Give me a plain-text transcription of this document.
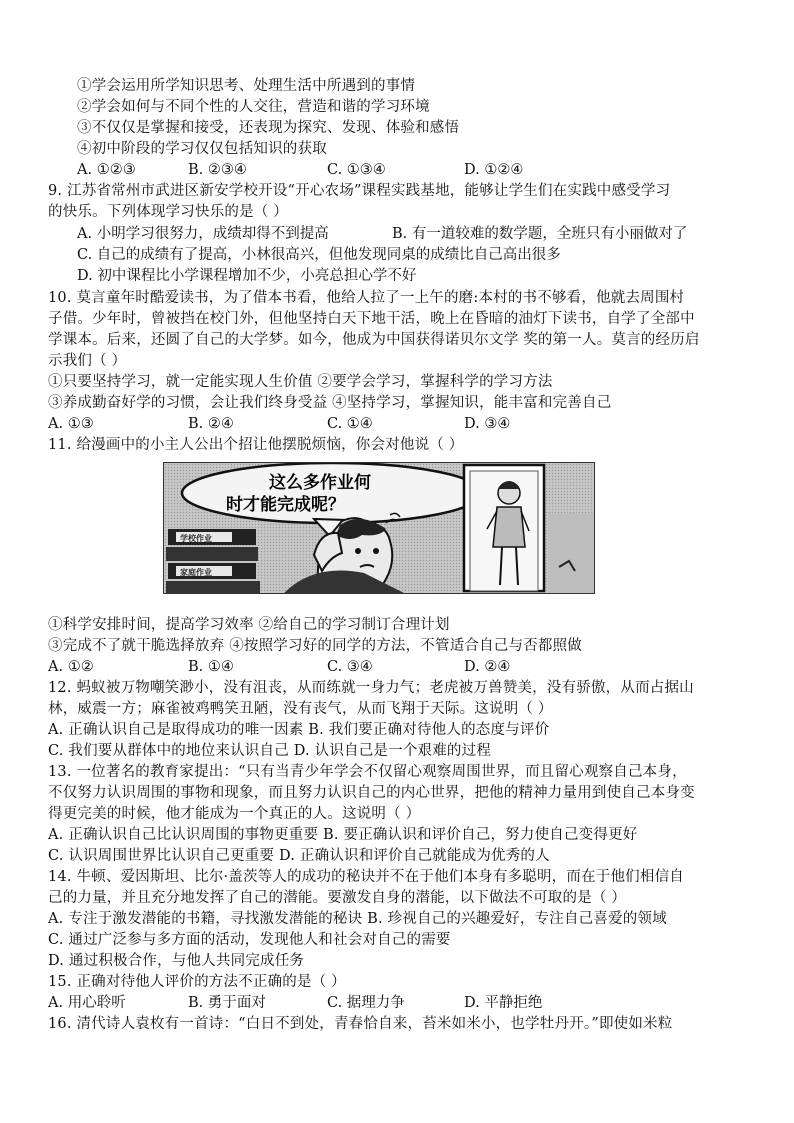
①学会运用所学知识思考、处理生活中所遇到的事情
②学会如何与不同个性的人交往，营造和谐的学习环境
③不仅仅是掌握和接受，还表现为探究、发现、体验和感悟
④初中阶段的学习仅仅包括知识的获取
A. ①②③	B. ②③④	C. ①③④	D. ①②④
9. 江苏省常州市武进区新安学校开设“开心农场”课程实践基地，能够让学生们在实践中感受学习
的快乐。下列体现学习快乐的是（ ）
A. 小明学习很努力，成绩却得不到提高	B. 有一道较难的数学题，全班只有小丽做对了
C. 自己的成绩有了提高，小林很高兴，但他发现同桌的成绩比自己高出很多
D. 初中课程比小学课程增加不少，小亮总担心学不好
10. 莫言童年时酷爱读书，为了借本书看，他给人拉了一上午的磨:本村的书不够看，他就去周围村
子借。少年时，曾被挡在校门外，但他坚持白天下地干活，晚上在昏暗的油灯下读书，自学了全部中
学课本。后来，还圆了自己的大学梦。如今，他成为中国获得诺贝尔文学 奖的第一人。莫言的经历启
示我们（ ）
①只要坚持学习，就一定能实现人生价值 ②要学会学习，掌握科学的学习方法
③养成勤奋好学的习惯，会让我们终身受益 ④坚持学习，掌握知识，能丰富和完善自己
A. ①③	B. ②④	C. ①④	D. ③④
11. 给漫画中的小主人公出个招让他摆脱烦恼，你会对他说（ ）
这么多作业何
时才能完成呢？
学校作业
家庭作业
①科学安排时间，提高学习效率 ②给自己的学习制订合理计划
③完成不了就干脆选择放弃 ④按照学习好的同学的方法，不管适合自己与否都照做
A. ①②	B. ①④	C. ③④	D. ②④
12. 蚂蚁被万物嘲笑渺小，没有沮丧，从而练就一身力气；老虎被万兽赞美，没有骄傲，从而占据山
林，威震一方；麻雀被鸡鸭笑丑陋，没有丧气，从而飞翔于天际。这说明（ ）
A. 正确认识自己是取得成功的唯一因素 B. 我们要正确对待他人的态度与评价
C. 我们要从群体中的地位来认识自己 D. 认识自己是一个艰难的过程
13. 一位著名的教育家提出：“只有当青少年学会不仅留心观察周围世界，而且留心观察自己本身，
不仅努力认识周围的事物和现象，而且努力认识自己的内心世界，把他的精神力量用到使自己本身变
得更完美的时候，他才能成为一个真正的人。这说明（ ）
A. 正确认识自己比认识周围的事物更重要 B. 要正确认识和评价自己，努力使自己变得更好
C. 认识周围世界比认识自己更重要 D. 正确认识和评价自己就能成为优秀的人
14. 牛顿、爱因斯坦、比尔·盖茨等人的成功的秘诀并不在于他们本身有多聪明，而在于他们相信自
己的力量，并且充分地发挥了自己的潜能。要激发自身的潜能，以下做法不可取的是（ ）
A. 专注于激发潜能的书籍，寻找激发潜能的秘诀 B. 珍视自己的兴趣爱好，专注自己喜爱的领域
C. 通过广泛参与多方面的活动，发现他人和社会对自己的需要
D. 通过积极合作，与他人共同完成任务
15. 正确对待他人评价的方法不正确的是（ ）
A. 用心聆听	B. 勇于面对	C. 据理力争	D. 平静拒绝
16. 清代诗人袁枚有一首诗：“白日不到处，青春恰自来，苔米如米小，也学牡丹开。”即使如米粒
